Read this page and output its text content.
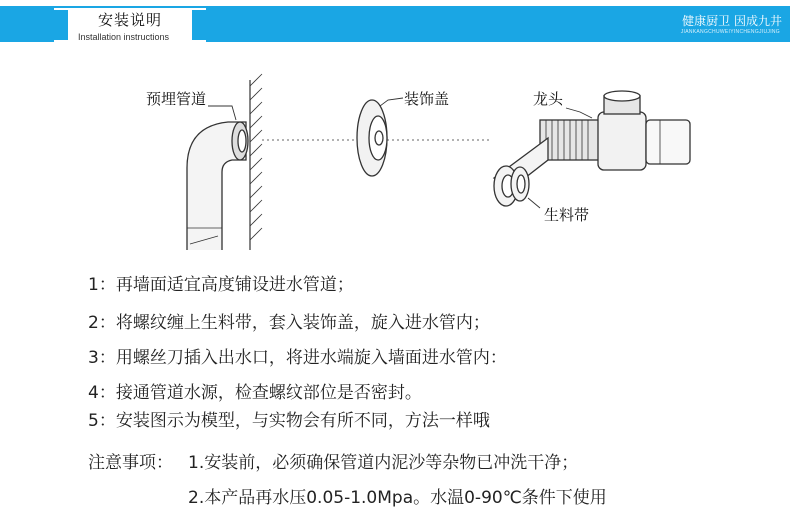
安装说明
Installation instructions
健康厨卫 因成九井
JIANKANGCHUWEIYINCHENGJIUJING
预埋管道	装饰盖	龙头
生料带
1：再墙面适宜高度铺设进水管道；
2：将螺纹缠上生料带，套入装饰盖，旋入进水管内；
3：用螺丝刀插入出水口，将进水端旋入墙面进水管内：
4：接通管道水源，检查螺纹部位是否密封。
5：安装图示为模型，与实物会有所不同，方法一样哦
注意事项： 1.安装前，必须确保管道内泥沙等杂物已冲洗干净；
2.本产品再水压0.05-1.0Mpa。水温0-90℃条件下使用
